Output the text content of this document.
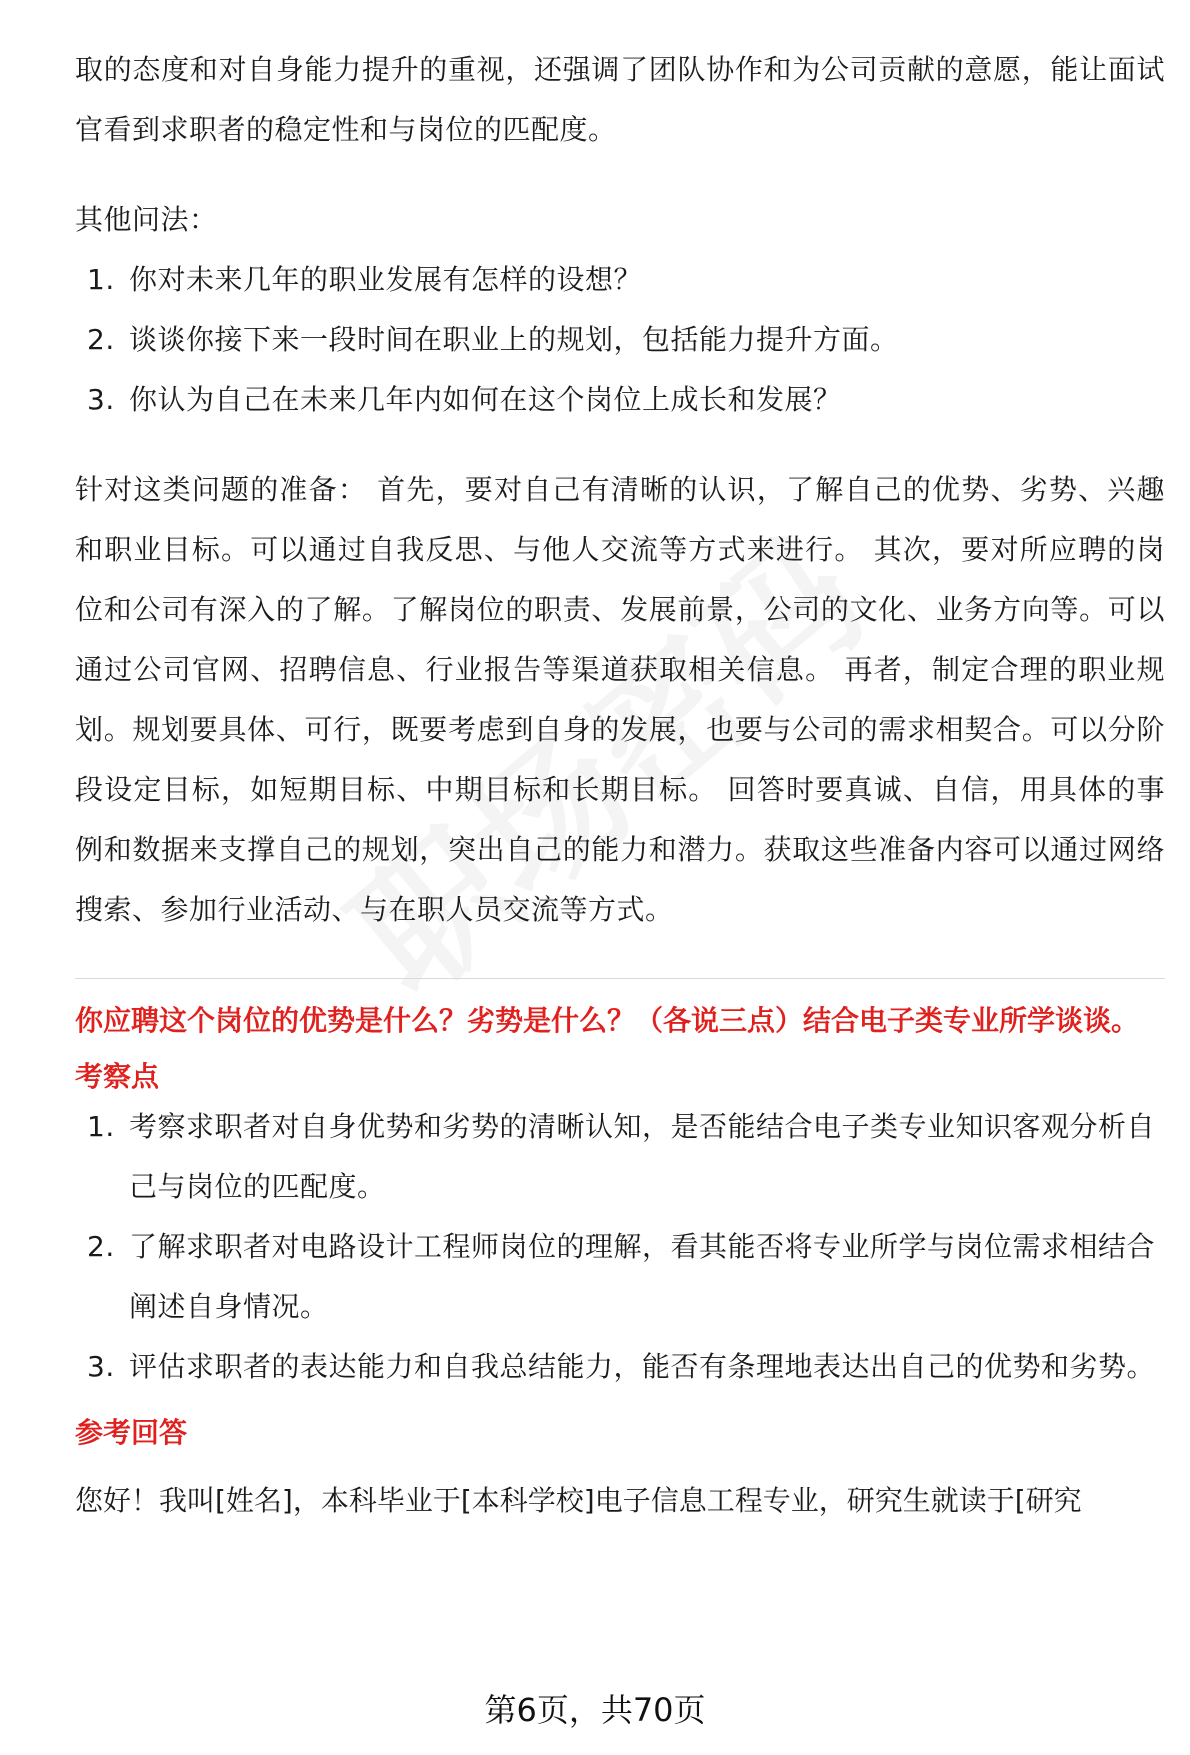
取的态度和对自身能力提升的重视，还强调了团队协作和为公司贡献的意愿，能让面试官看到求职者的稳定性和与岗位的匹配度。

其他问法：

1. 你对未来几年的职业发展有怎样的设想？
2. 谈谈你接下来一段时间在职业上的规划，包括能力提升方面。
3. 你认为自己在未来几年内如何在这个岗位上成长和发展？

针对这类问题的准备： 首先，要对自己有清晰的认识，了解自己的优势、劣势、兴趣和职业目标。可以通过自我反思、与他人交流等方式来进行。 其次，要对所应聘的岗位和公司有深入的了解。了解岗位的职责、发展前景，公司的文化、业务方向等。可以通过公司官网、招聘信息、行业报告等渠道获取相关信息。 再者，制定合理的职业规划。规划要具体、可行，既要考虑到自身的发展，也要与公司的需求相契合。可以分阶段设定目标，如短期目标、中期目标和长期目标。 回答时要真诚、自信，用具体的事例和数据来支撑自己的规划，突出自己的能力和潜力。获取这些准备内容可以通过网络搜索、参加行业活动、与在职人员交流等方式。

你应聘这个岗位的优势是什么？劣势是什么？（各说三点）结合电子类专业所学谈谈。

考察点

1. 考察求职者对自身优势和劣势的清晰认知，是否能结合电子类专业知识客观分析自己与岗位的匹配度。
2. 了解求职者对电路设计工程师岗位的理解，看其能否将专业所学与岗位需求相结合阐述自身情况。
3. 评估求职者的表达能力和自我总结能力，能否有条理地表达出自己的优势和劣势。

参考回答

您好！我叫[姓名]，本科毕业于[本科学校]电子信息工程专业，研究生就读于[研究

第6页，共70页
